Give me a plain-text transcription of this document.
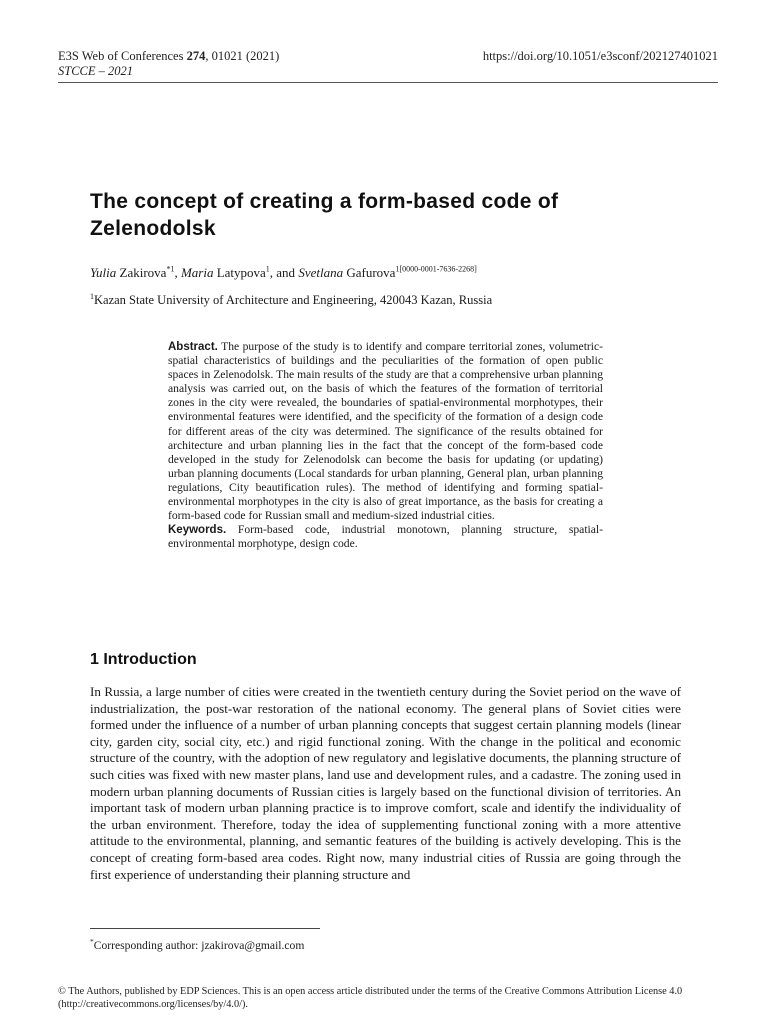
E3S Web of Conferences 274, 01021 (2021)
STCCE – 2021
https://doi.org/10.1051/e3sconf/202127401021
The concept of creating a form-based code of Zelenodolsk
Yulia Zakirova$^{*1}$, Maria Latypova$^1$, and Svetlana Gafurova$^{1[0000-0001-7636-2268]}$
$^1$Kazan State University of Architecture and Engineering, 420043 Kazan, Russia

Abstract. The purpose of the study is to identify and compare territorial zones, volumetric-spatial characteristics of buildings and the peculiarities of the formation of open public spaces in Zelenodolsk. The main results of the study are that a comprehensive urban planning analysis was carried out, on the basis of which the features of the formation of territorial zones in the city were revealed, the boundaries of spatial-environmental morphotypes, their environmental features were identified, and the specificity of the formation of a design code for different areas of the city was determined. The significance of the results obtained for architecture and urban planning lies in the fact that the concept of the form-based code developed in the study for Zelenodolsk can become the basis for updating (or updating) urban planning documents (Local standards for urban planning, General plan, urban planning regulations, City beautification rules). The method of identifying and forming spatial-environmental morphotypes in the city is also of great importance, as the basis for creating a form-based code for Russian small and medium-sized industrial cities.

Keywords. Form-based code, industrial monotown, planning structure, spatial-environmental morphotype, design code.

1 Introduction
In Russia, a large number of cities were created in the twentieth century during the Soviet period on the wave of industrialization, the post-war restoration of the national economy. The general plans of Soviet cities were formed under the influence of a number of urban planning concepts that suggest certain planning models (linear city, garden city, social city, etc.) and rigid functional zoning. With the change in the political and economic structure of the country, with the adoption of new regulatory and legislative documents, the planning structure of such cities was fixed with new master plans, land use and development rules, and a cadastre. The zoning used in modern urban planning documents of Russian cities is largely based on the functional division of territories. An important task of modern urban planning practice is to improve comfort, scale and identify the individuality of the urban environment. Therefore, today the idea of supplementing functional zoning with a more attentive attitude to the environmental, planning, and semantic features of the building is actively developing. This is the concept of creating form-based area codes. Right now, many industrial cities of Russia are going through the first experience of understanding their planning structure and
*Corresponding author: jzakirova@gmail.com
© The Authors, published by EDP Sciences. This is an open access article distributed under the terms of the Creative Commons Attribution License 4.0 (http://creativecommons.org/licenses/by/4.0/).
